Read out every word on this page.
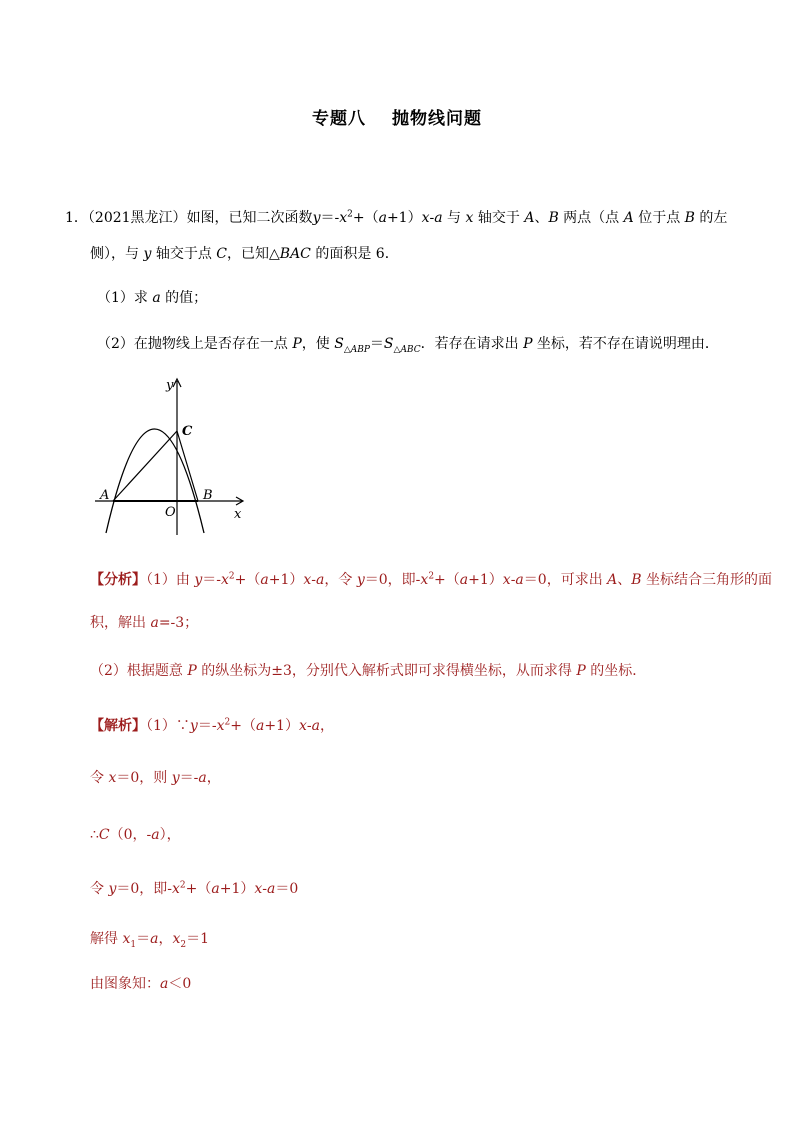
专题八 抛物线问题
1．（2021黑龙江）如图，已知二次函数$y=-x^2+(a+1)x-a$ 与 x 轴交于 A、B 两点（点 A 位于点 B 的左
侧），与 y 轴交于点 C，已知△BAC 的面积是 6．
（1）求 a 的值；
（2）在抛物线上是否存在一点 P，使 $S_{\triangle ABP}=S_{\triangle ABC}$．若存在请求出 P 坐标，若不存在请说明理由．
y
x
O
A	B
C
【分析】（1）由 $y=-x^2+(a+1)x-a$，令 y＝0，即$-x^2+(a+1)x-a=0$，可求出 A、B 坐标结合三角形的面
积，解出 a=-3；
（2）根据题意 P 的纵坐标为±3，分别代入解析式即可求得横坐标，从而求得 P 的坐标．
【解析】$(1)\because y=-x^2+(a+1)x-a$，
令 x＝0，则 y＝-a，
∴C（0，-a），
令 y＝0，即$-x^2+(a+1)x-a=0$
解得 $x_1=a$，$x_2=1$
由图象知：a＜0
